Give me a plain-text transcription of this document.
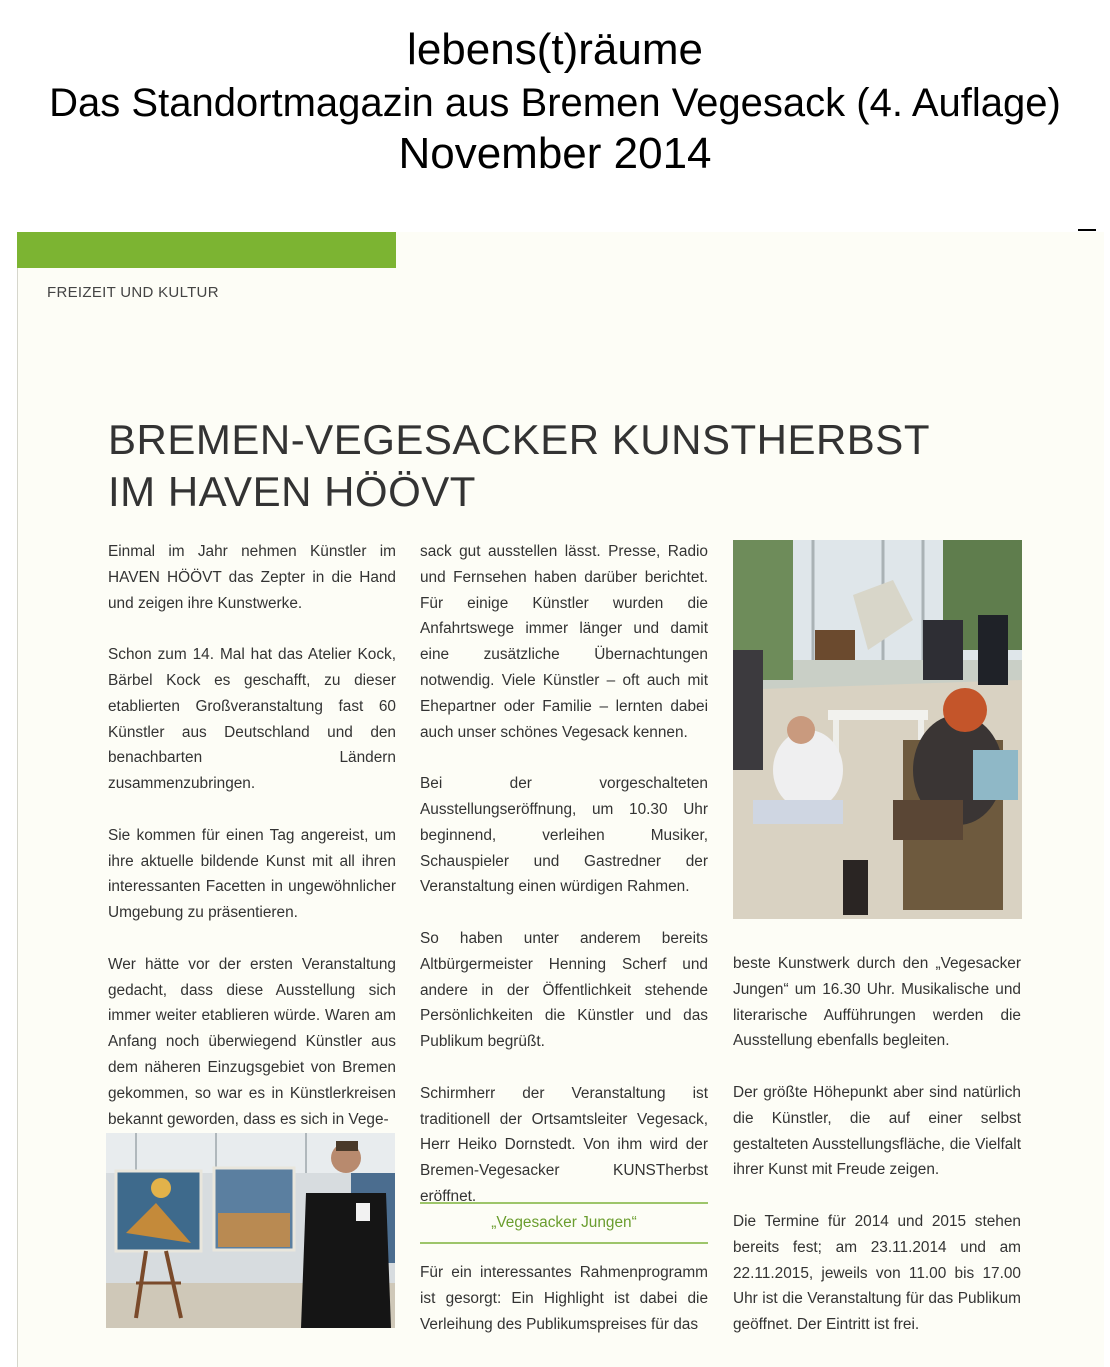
lebens(t)räume
Das Standortmagazin aus Bremen Vegesack (4. Auflage)
November 2014
FREIZEIT UND KULTUR
BREMEN-VEGESACKER KUNSTHERBST
IM HAVEN HÖÖVT

Einmal im Jahr nehmen Künstler im HAVEN HÖÖVT das Zepter in die Hand und zeigen ihre Kunstwerke.

Schon zum 14. Mal hat das Atelier Kock, Bärbel Kock es geschafft, zu dieser etablierten Großveranstaltung fast 60 Künstler aus Deutschland und den benachbarten Ländern zusammenzubringen.

Sie kommen für einen Tag angereist, um ihre aktuelle bildende Kunst mit all ihren interessanten Facetten in ungewöhnlicher Umgebung zu präsentieren.

Wer hätte vor der ersten Veranstaltung gedacht, dass diese Ausstellung sich immer weiter etablieren würde. Waren am Anfang noch überwiegend Künstler aus dem näheren Einzugsgebiet von Bremen gekommen, so war es in Künstlerkreisen bekannt geworden, dass es sich in Vege-

sack gut ausstellen lässt. Presse, Radio und Fernsehen haben darüber berichtet. Für einige Künstler wurden die Anfahrtswege immer länger und damit eine zusätzliche Übernachtungen notwendig. Viele Künstler – oft auch mit Ehepartner oder Familie – lernten dabei auch unser schönes Vegesack kennen.

Bei der vorgeschalteten Ausstellungseröffnung, um 10.30 Uhr beginnend, verleihen Musiker, Schauspieler und Gastredner der Veranstaltung einen würdigen Rahmen.

So haben unter anderem bereits Altbürgermeister Henning Scherf und andere in der Öffentlichkeit stehende Persönlichkeiten die Künstler und das Publikum begrüßt.

Schirmherr der Veranstaltung ist traditionell der Ortsamtsleiter Vegesack, Herr Heiko Dornstedt. Von ihm wird der Bremen-Vegesacker KUNSTherbst eröffnet.

„Vegesacker Jungen“

Für ein interessantes Rahmenprogramm ist gesorgt: Ein Highlight ist dabei die Verleihung des Publikumspreises für das

beste Kunstwerk durch den „Vegesacker Jungen“ um 16.30 Uhr. Musikalische und literarische Aufführungen werden die Ausstellung ebenfalls begleiten.

Der größte Höhepunkt aber sind natürlich die Künstler, die auf einer selbst gestalteten Ausstellungsfläche, die Vielfalt ihrer Kunst mit Freude zeigen.

Die Termine für 2014 und 2015 stehen bereits fest; am 23.11.2014 und am 22.11.2015, jeweils von 11.00 bis 17.00 Uhr ist die Veranstaltung für das Publikum geöffnet. Der Eintritt ist frei.
